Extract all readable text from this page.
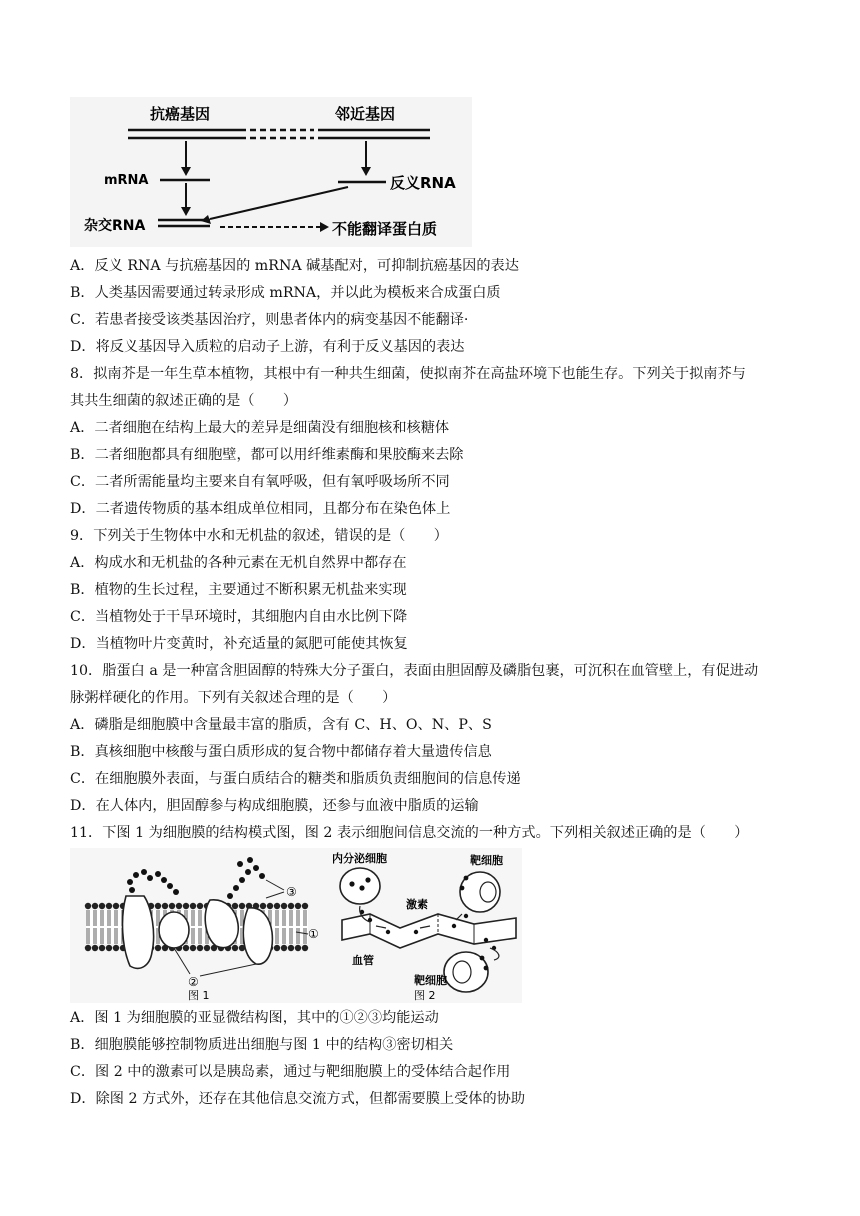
抗癌基因	邻近基因
mRNA	反义RNA
杂交RNA	不能翻译蛋白质
A．反义 RNA 与抗癌基因的 mRNA 碱基配对，可抑制抗癌基因的表达
B．人类基因需要通过转录形成 mRNA，并以此为模板来合成蛋白质
C．若患者接受该类基因治疗，则患者体内的病变基因不能翻译·
D．将反义基因导入质粒的启动子上游，有利于反义基因的表达
8．拟南芥是一年生草本植物，其根中有一种共生细菌，使拟南芥在高盐环境下也能生存。下列关于拟南芥与
其共生细菌的叙述正确的是（　　）
A．二者细胞在结构上最大的差异是细菌没有细胞核和核糖体
B．二者细胞都具有细胞壁，都可以用纤维素酶和果胶酶来去除
C．二者所需能量均主要来自有氧呼吸，但有氧呼吸场所不同
D．二者遗传物质的基本组成单位相同，且都分布在染色体上
9．下列关于生物体中水和无机盐的叙述，错误的是（　　）
A．构成水和无机盐的各种元素在无机自然界中都存在
B．植物的生长过程，主要通过不断积累无机盐来实现
C．当植物处于干旱环境时，其细胞内自由水比例下降
D．当植物叶片变黄时，补充适量的氮肥可能使其恢复
10．脂蛋白 a 是一种富含胆固醇的特殊大分子蛋白，表面由胆固醇及磷脂包裹，可沉积在血管壁上，有促进动
脉粥样硬化的作用。下列有关叙述合理的是（　　）
A．磷脂是细胞膜中含量最丰富的脂质，含有 C、H、O、N、P、S
B．真核细胞中核酸与蛋白质形成的复合物中都储存着大量遗传信息
C．在细胞膜外表面，与蛋白质结合的糖类和脂质负责细胞间的信息传递
D．在人体内，胆固醇参与构成细胞膜，还参与血液中脂质的运输
11．下图 1 为细胞膜的结构模式图，图 2 表示细胞间信息交流的一种方式。下列相关叙述正确的是（　　）
③
①
②
图 1
内分泌细胞
激素
靶细胞
血管
靶细胞
图 2
A．图 1 为细胞膜的亚显微结构图，其中的①②③均能运动
B．细胞膜能够控制物质进出细胞与图 1 中的结构③密切相关
C．图 2 中的激素可以是胰岛素，通过与靶细胞膜上的受体结合起作用
D．除图 2 方式外，还存在其他信息交流方式，但都需要膜上受体的协助
